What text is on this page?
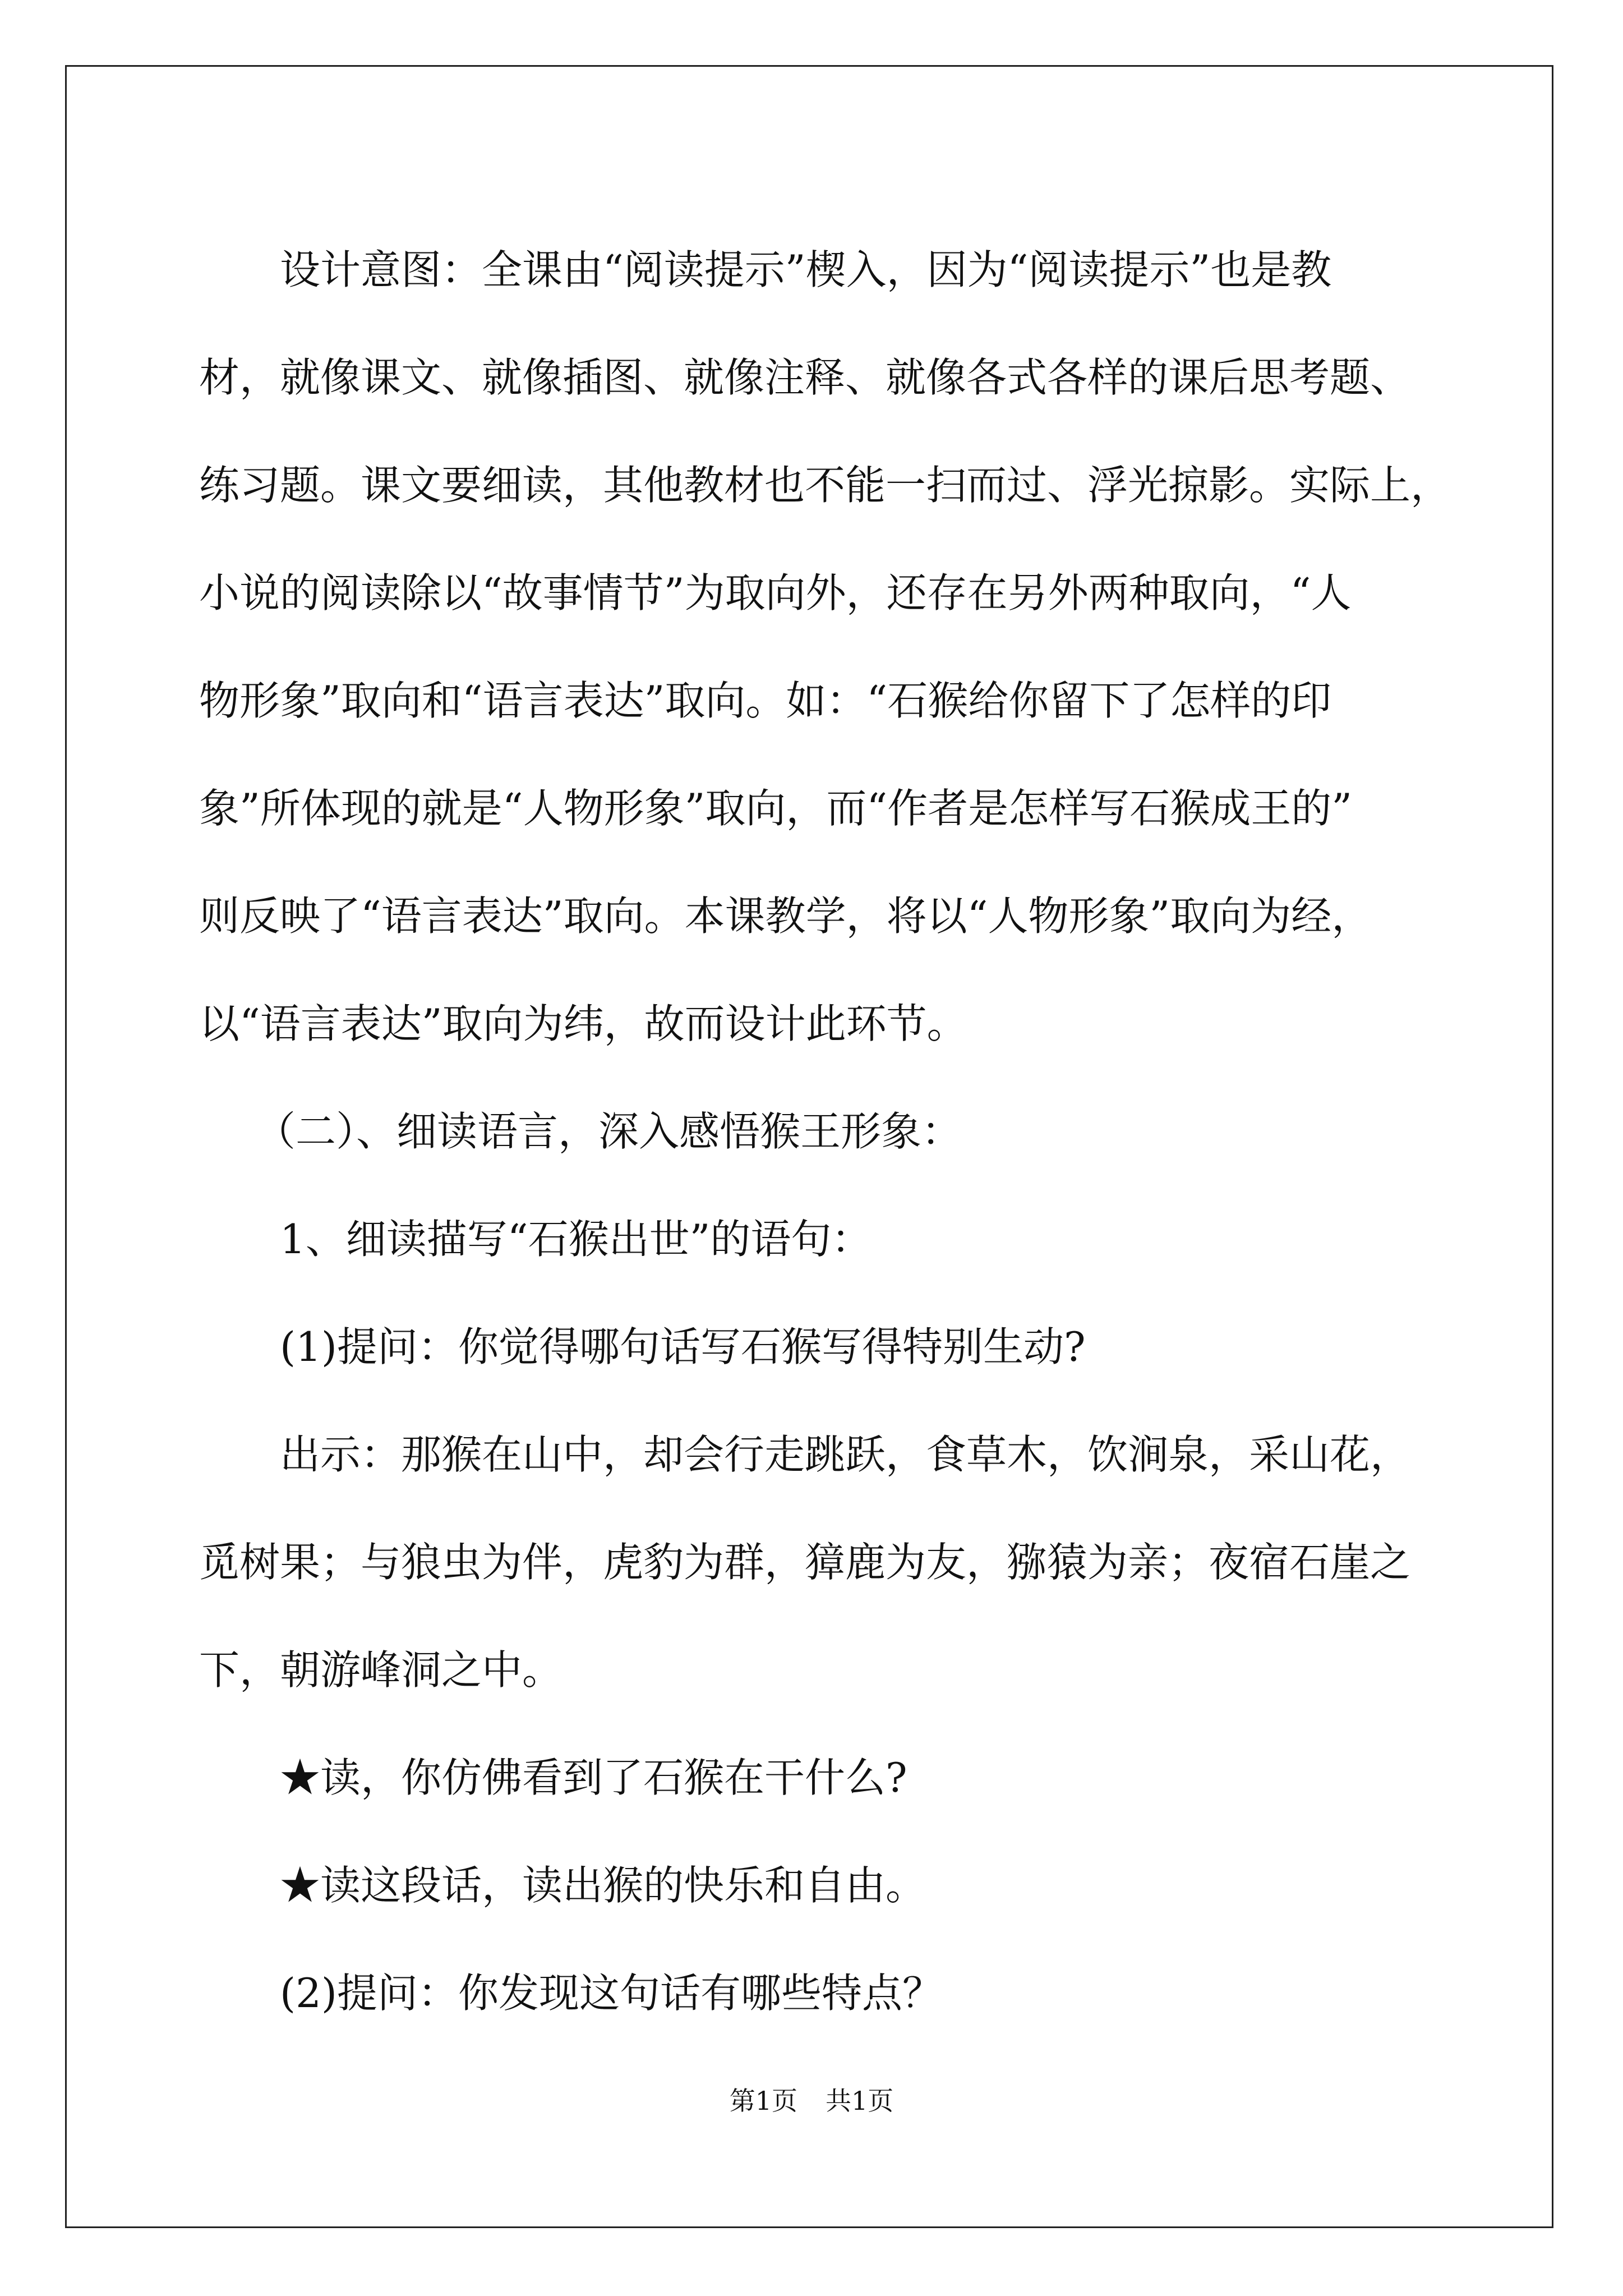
设计意图：全课由“阅读提示”楔入，因为“阅读提示”也是教

材，就像课文、就像插图、就像注释、就像各式各样的课后思考题、

练习题。课文要细读，其他教材也不能一扫而过、浮光掠影。实际上，

小说的阅读除以“故事情节”为取向外，还存在另外两种取向，“人

物形象”取向和“语言表达”取向。如：“石猴给你留下了怎样的印

象”所体现的就是“人物形象”取向，而“作者是怎样写石猴成王的”

则反映了“语言表达”取向。本课教学，将以“人物形象”取向为经，

以“语言表达”取向为纬，故而设计此环节。

（二）、细读语言，深入感悟猴王形象：

1、细读描写“石猴出世”的语句：

(1)提问：你觉得哪句话写石猴写得特别生动?

出示：那猴在山中，却会行走跳跃，食草木，饮涧泉，采山花，

觅树果；与狼虫为伴，虎豹为群，獐鹿为友，猕猿为亲；夜宿石崖之

下，朝游峰洞之中。

★读，你仿佛看到了石猴在干什么?

★读这段话，读出猴的快乐和自由。

(2)提问：你发现这句话有哪些特点？

第1页 共1页
